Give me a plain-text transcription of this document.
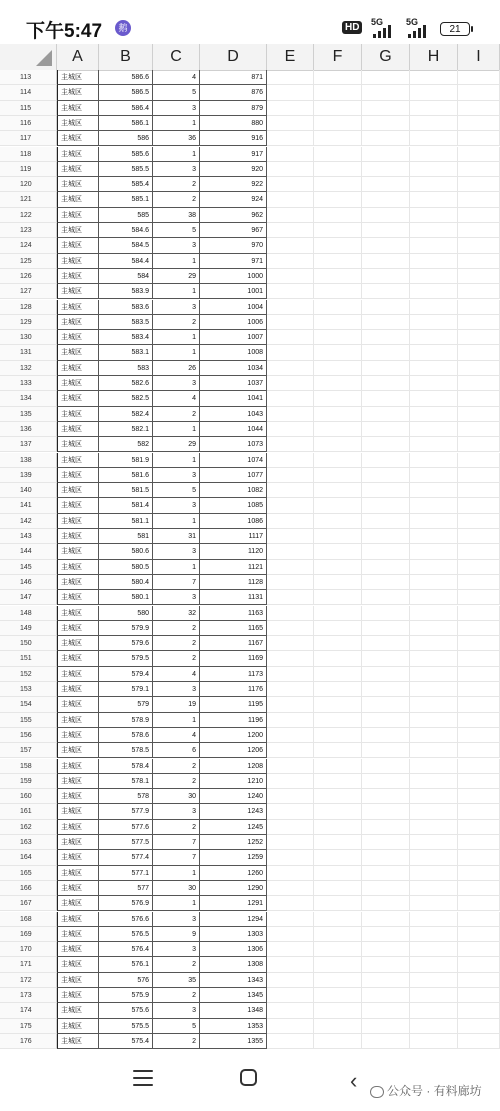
下午5:47	鹅	HD	5G	5G
21
A	B	C	D	E	F	G	H	I
113	主城区	586.6	4	871
114	主城区	586.5	5	876
115	主城区	586.4	3	879
116	主城区	586.1	1	880
117	主城区	586	36	916
118	主城区	585.6	1	917
119	主城区	585.5	3	920
120	主城区	585.4	2	922
121	主城区	585.1	2	924
122	主城区	585	38	962
123	主城区	584.6	5	967
124	主城区	584.5	3	970
125	主城区	584.4	1	971
126	主城区	584	29	1000
127	主城区	583.9	1	1001
128	主城区	583.6	3	1004
129	主城区	583.5	2	1006
130	主城区	583.4	1	1007
131	主城区	583.1	1	1008
132	主城区	583	26	1034
133	主城区	582.6	3	1037
134	主城区	582.5	4	1041
135	主城区	582.4	2	1043
136	主城区	582.1	1	1044
137	主城区	582	29	1073
138	主城区	581.9	1	1074
139	主城区	581.6	3	1077
140	主城区	581.5	5	1082
141	主城区	581.4	3	1085
142	主城区	581.1	1	1086
143	主城区	581	31	1117
144	主城区	580.6	3	1120
145	主城区	580.5	1	1121
146	主城区	580.4	7	1128
147	主城区	580.1	3	1131
148	主城区	580	32	1163
149	主城区	579.9	2	1165
150	主城区	579.6	2	1167
151	主城区	579.5	2	1169
152	主城区	579.4	4	1173
153	主城区	579.1	3	1176
154	主城区	579	19	1195
155	主城区	578.9	1	1196
156	主城区	578.6	4	1200
157	主城区	578.5	6	1206
158	主城区	578.4	2	1208
159	主城区	578.1	2	1210
160	主城区	578	30	1240
161	主城区	577.9	3	1243
162	主城区	577.6	2	1245
163	主城区	577.5	7	1252
164	主城区	577.4	7	1259
165	主城区	577.1	1	1260
166	主城区	577	30	1290
167	主城区	576.9	1	1291
168	主城区	576.6	3	1294
169	主城区	576.5	9	1303
170	主城区	576.4	3	1306
171	主城区	576.1	2	1308
172	主城区	576	35	1343
173	主城区	575.9	2	1345
174	主城区	575.6	3	1348
175	主城区	575.5	5	1353
176	主城区	575.4	2	1355
‹	公众号 · 有料廊坊
